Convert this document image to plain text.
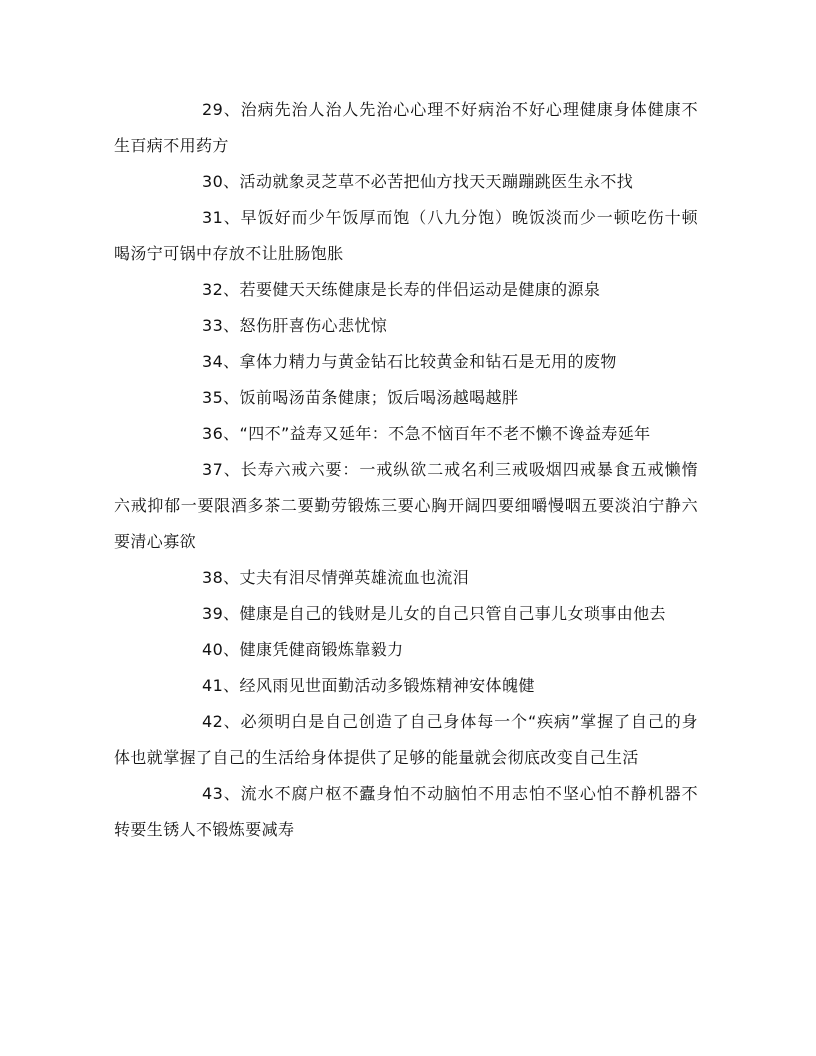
29、治病先治人治人先治心心理不好病治不好心理健康身体健康不生百病不用药方

30、活动就象灵芝草不必苦把仙方找天天蹦蹦跳医生永不找

31、早饭好而少午饭厚而饱（八九分饱）晚饭淡而少一顿吃伤十顿喝汤宁可锅中存放不让肚肠饱胀

32、若要健天天练健康是长寿的伴侣运动是健康的源泉

33、怒伤肝喜伤心悲忧惊

34、拿体力精力与黄金钻石比较黄金和钻石是无用的废物

35、饭前喝汤苗条健康；饭后喝汤越喝越胖

36、“四不”益寿又延年：不急不恼百年不老不懒不谗益寿延年

37、长寿六戒六要：一戒纵欲二戒名利三戒吸烟四戒暴食五戒懒惰六戒抑郁一要限酒多茶二要勤劳锻炼三要心胸开阔四要细嚼慢咽五要淡泊宁静六要清心寡欲

38、丈夫有泪尽情弹英雄流血也流泪

39、健康是自己的钱财是儿女的自己只管自己事儿女琐事由他去

40、健康凭健商锻炼靠毅力

41、经风雨见世面勤活动多锻炼精神安体魄健

42、必须明白是自己创造了自己身体每一个“疾病”掌握了自己的身体也就掌握了自己的生活给身体提供了足够的能量就会彻底改变自己生活

43、流水不腐户枢不蠹身怕不动脑怕不用志怕不坚心怕不静机器不转要生锈人不锻炼要减寿
